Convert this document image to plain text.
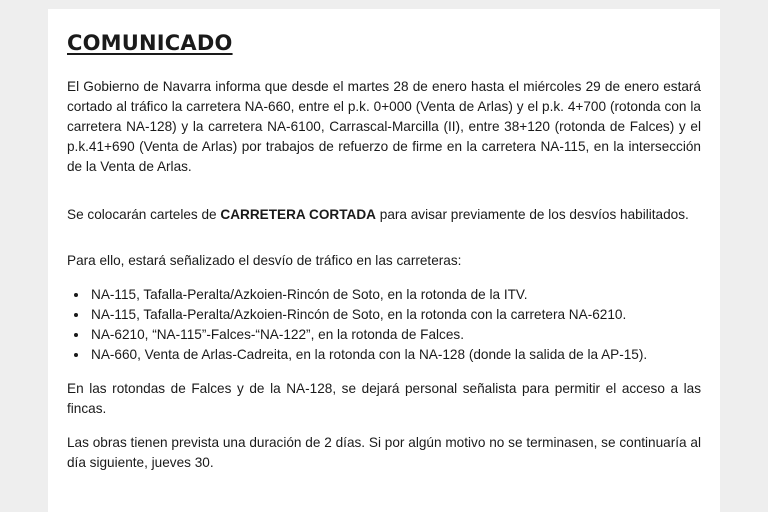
COMUNICADO

El Gobierno de Navarra informa que desde el martes 28 de enero hasta el miércoles 29 de enero estará cortado al tráfico la carretera NA-660, entre el p.k. 0+000 (Venta de Arlas) y el p.k. 4+700 (rotonda con la carretera NA-128) y la carretera NA-6100, Carrascal-Marcilla (II), entre 38+120 (rotonda de Falces) y el p.k.41+690 (Venta de Arlas) por trabajos de refuerzo de firme en la carretera NA-115, en la intersección de la Venta de Arlas.

Se colocarán carteles de CARRETERA CORTADA para avisar previamente de los desvíos habilitados.

Para ello, estará señalizado el desvío de tráfico en las carreteras:

• NA-115, Tafalla-Peralta/Azkoien-Rincón de Soto, en la rotonda de la ITV.
• NA-115, Tafalla-Peralta/Azkoien-Rincón de Soto, en la rotonda con la carretera NA-6210.
• NA-6210, “NA-115”-Falces-“NA-122”, en la rotonda de Falces.
• NA-660, Venta de Arlas-Cadreita, en la rotonda con la NA-128 (donde la salida de la AP-15).

En las rotondas de Falces y de la NA-128, se dejará personal señalista para permitir el acceso a las fincas.

Las obras tienen prevista una duración de 2 días. Si por algún motivo no se terminasen, se continuaría al día siguiente, jueves 30.
